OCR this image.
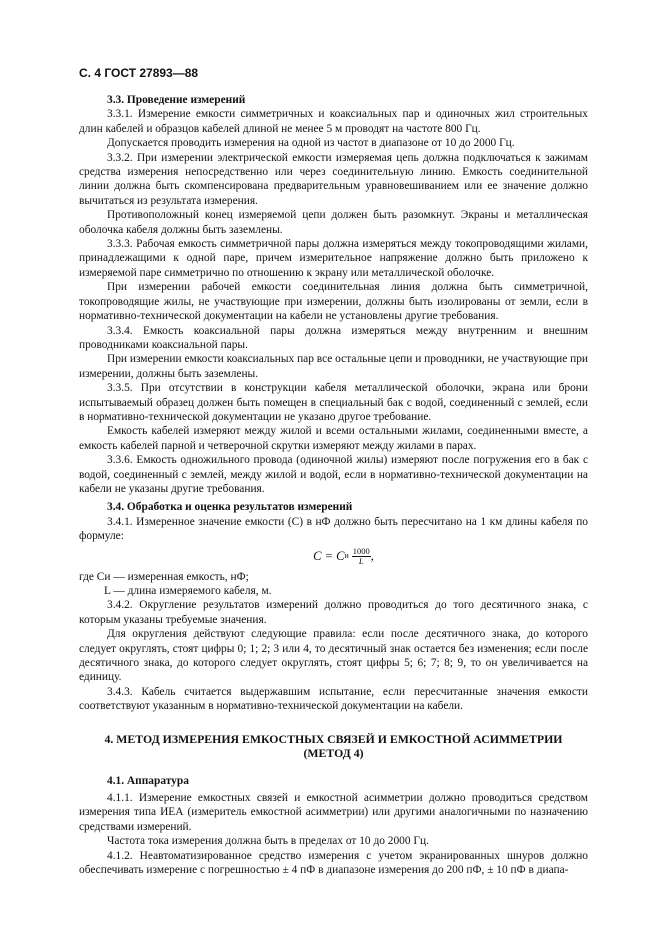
С. 4 ГОСТ 27893—88

3.3. Проведение измерений

3.3.1. Измерение емкости симметричных и коаксиальных пар и одиночных жил строительных длин кабелей и образцов кабелей длиной не менее 5 м проводят на частоте 800 Гц.

Допускается проводить измерения на одной из частот в диапазоне от 10 до 2000 Гц.

3.3.2. При измерении электрической емкости измеряемая цепь должна подключаться к зажимам средства измерения непосредственно или через соединительную линию. Емкость соединительной линии должна быть скомпенсирована предварительным уравновешиванием или ее значение должно вычитаться из результата измерения.

Противоположный конец измеряемой цепи должен быть разомкнут. Экраны и металлическая оболочка кабеля должны быть заземлены.

3.3.3. Рабочая емкость симметричной пары должна измеряться между токопроводящими жилами, принадлежащими к одной паре, причем измерительное напряжение должно быть приложено к измеряемой паре симметрично по отношению к экрану или металлической оболочке.

При измерении рабочей емкости соединительная линия должна быть симметричной, токопроводящие жилы, не участвующие при измерении, должны быть изолированы от земли, если в нормативно-технической документации на кабели не установлены другие требования.

3.3.4. Емкость коаксиальной пары должна измеряться между внутренним и внешним проводниками коаксиальной пары.

При измерении емкости коаксиальных пар все остальные цепи и проводники, не участвующие при измерении, должны быть заземлены.

3.3.5. При отсутствии в конструкции кабеля металлической оболочки, экрана или брони испытываемый образец должен быть помещен в специальный бак с водой, соединенный с землей, если в нормативно-технической документации не указано другое требование.

Емкость кабелей измеряют между жилой и всеми остальными жилами, соединенными вместе, а емкость кабелей парной и четверочной скрутки измеряют между жилами в парах.

3.3.6. Емкость одножильного провода (одиночной жилы) измеряют после погружения его в бак с водой, соединенный с землей, между жилой и водой, если в нормативно-технической документации на кабели не указаны другие требования.

3.4. Обработка и оценка результатов измерений

3.4.1. Измеренное значение емкости (C) в нФ должно быть пересчитано на 1 км длины кабеля по формуле:

C = C и $\frac{1000}{L}$ ,

где Cи — измеренная емкость, нФ;

L — длина измеряемого кабеля, м.

3.4.2. Округление результатов измерений должно проводиться до того десятичного знака, с которым указаны требуемые значения.

Для округления действуют следующие правила: если после десятичного знака, до которого следует округлять, стоят цифры 0; 1; 2; 3 или 4, то десятичный знак остается без изменения; если после десятичного знака, до которого следует округлять, стоят цифры 5; 6; 7; 8; 9, то он увеличивается на единицу.

3.4.3. Кабель считается выдержавшим испытание, если пересчитанные значения емкости соответствуют указанным в нормативно-технической документации на кабели.

4. МЕТОД ИЗМЕРЕНИЯ ЕМКОСТНЫХ СВЯЗЕЙ И ЕМКОСТНОЙ АСИММЕТРИИ
(МЕТОД 4)

4.1. Аппаратура

4.1.1. Измерение емкостных связей и емкостной асимметрии должно проводиться средством измерения типа ИЕА (измеритель емкостной асимметрии) или другими аналогичными по назначению средствами измерений.

Частота тока измерения должна быть в пределах от 10 до 2000 Гц.

4.1.2. Неавтоматизированное средство измерения с учетом экранированных шнуров должно обеспечивать измерение с погрешностью ± 4 пФ в диапазоне измерения до 200 пФ, ± 10 пФ в диапа-
